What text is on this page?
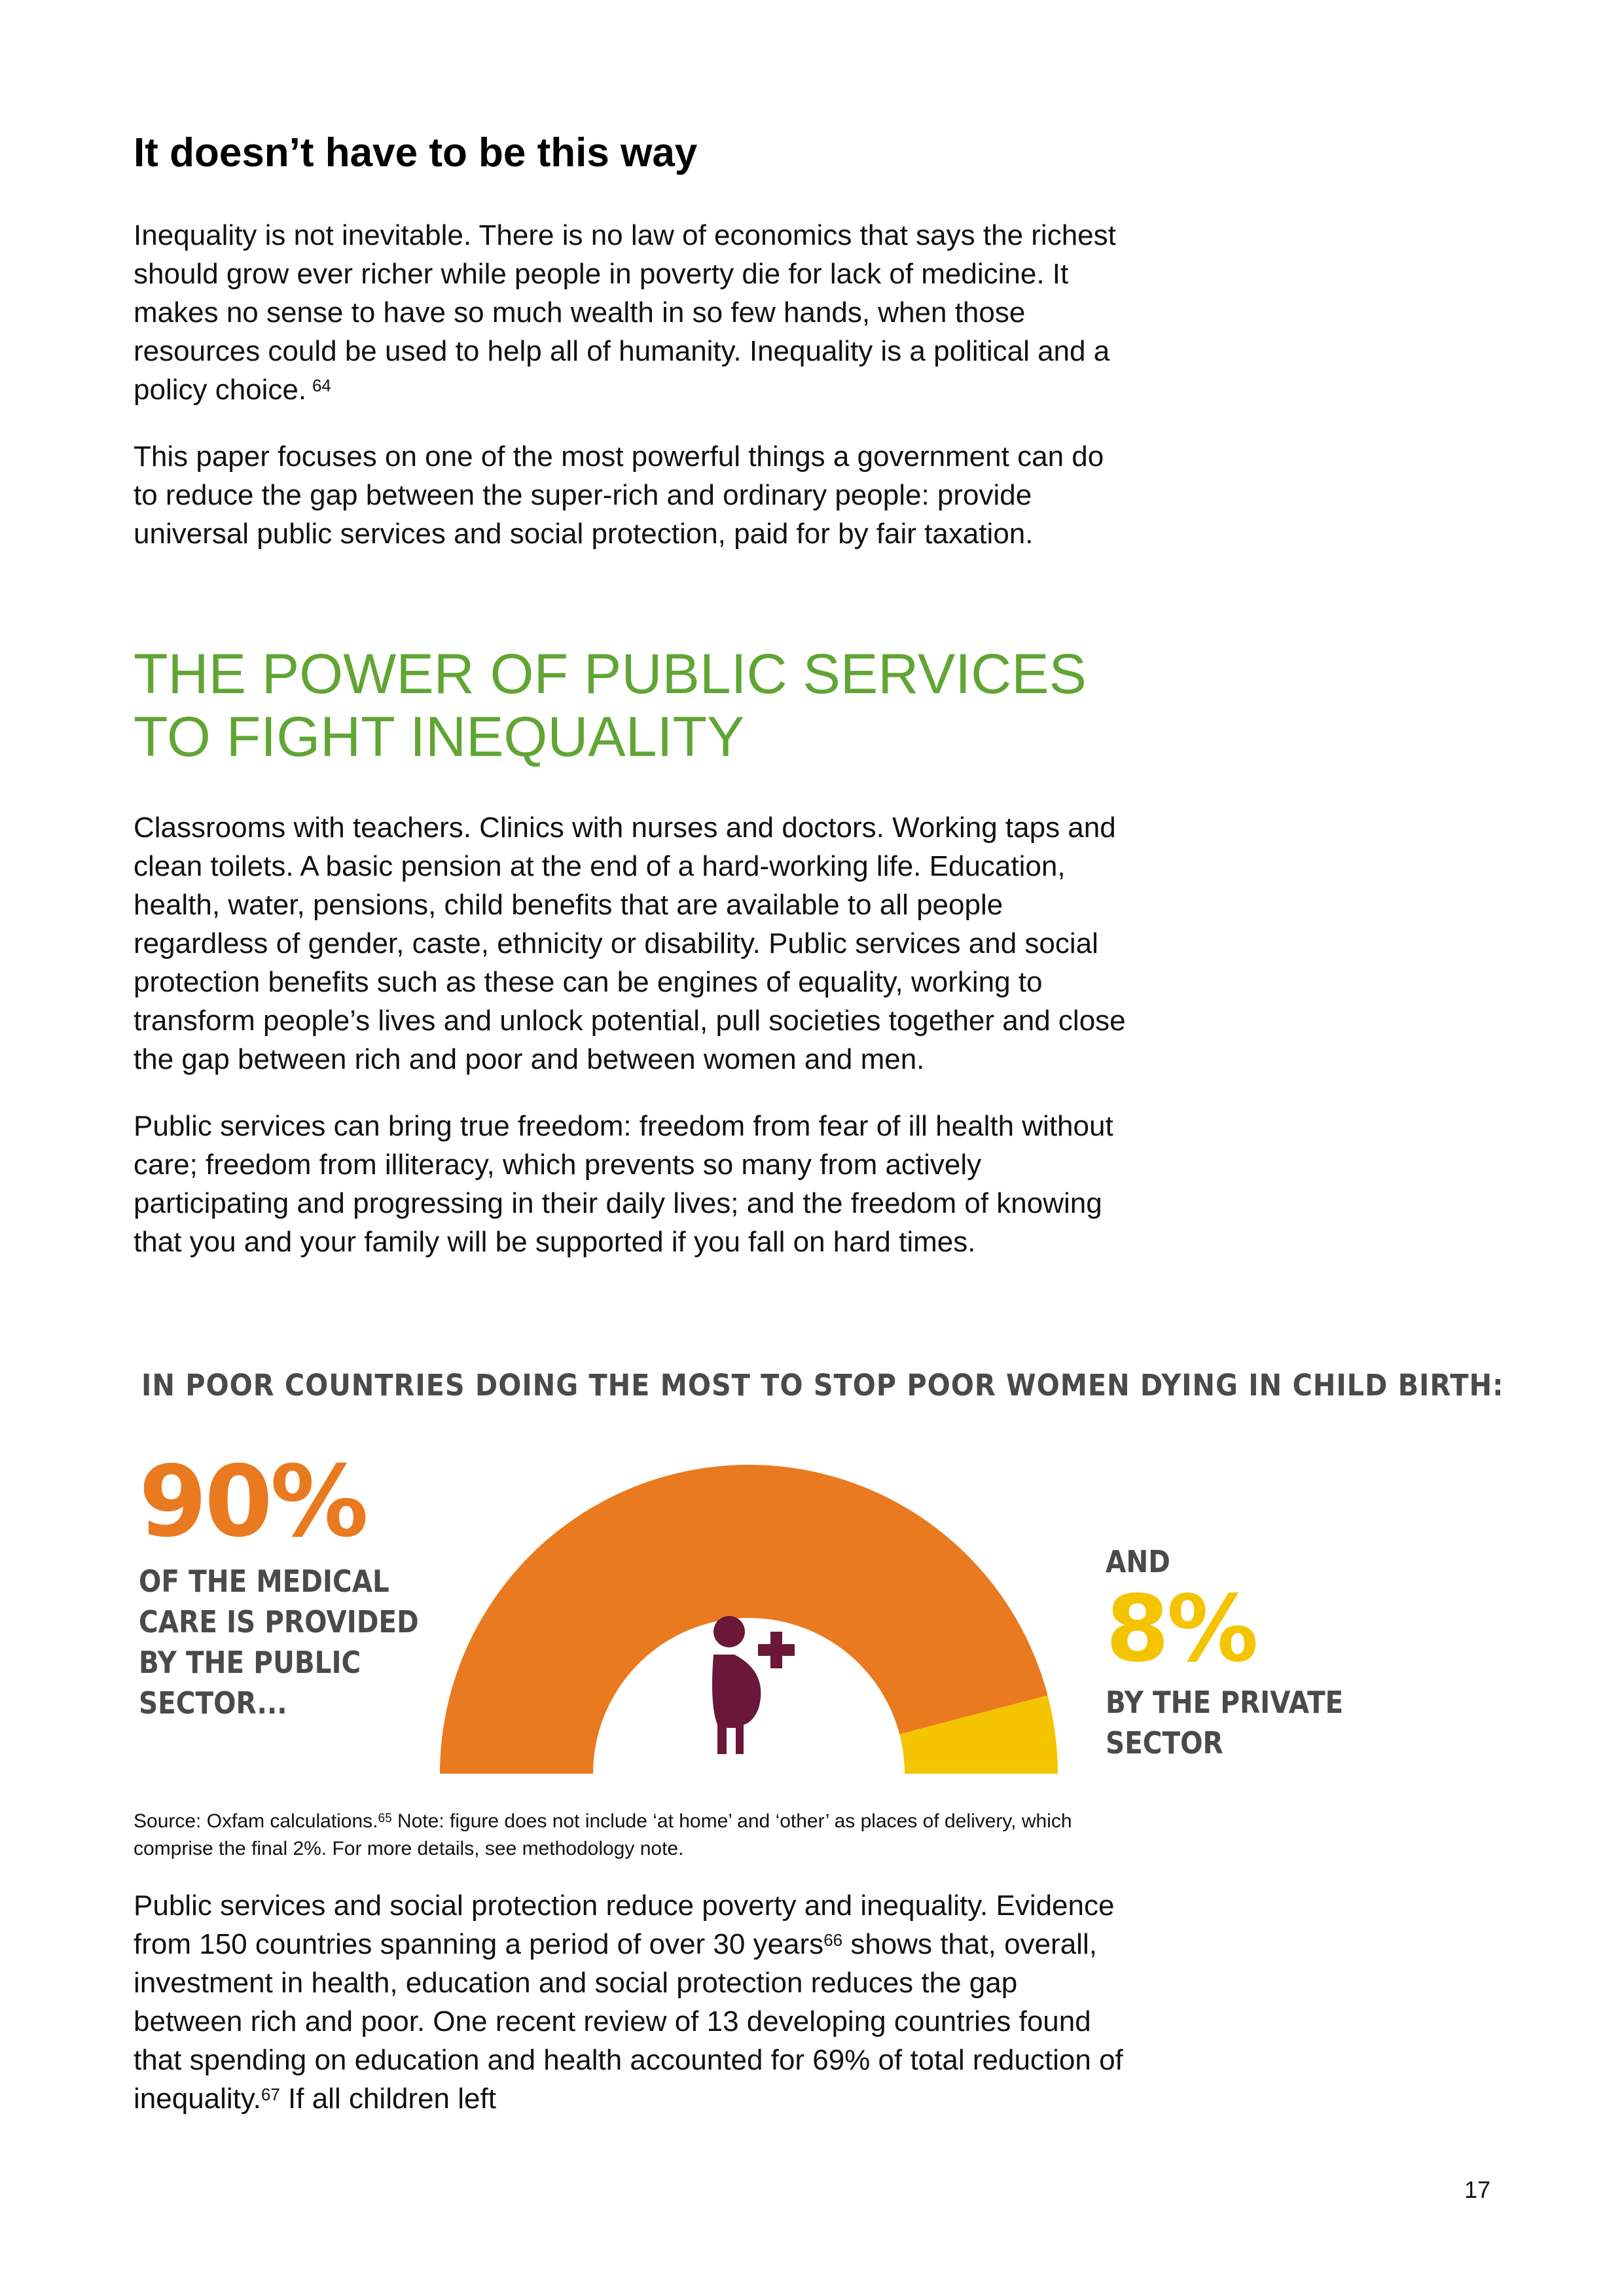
It doesn’t have to be this way

Inequality is not inevitable. There is no law of economics that says the richest should grow ever richer while people in poverty die for lack of medicine. It makes no sense to have so much wealth in so few hands, when those resources could be used to help all of humanity. Inequality is a political and a policy choice.  $^{64}$

This paper focuses on one of the most powerful things a government can do to reduce the gap between the super-rich and ordinary people: provide universal public services and social protection, paid for by fair taxation.

THE POWER OF PUBLIC SERVICES
TO FIGHT INEQUALITY

Classrooms with teachers. Clinics with nurses and doctors. Working taps and clean toilets. A basic pension at the end of a hard-working life. Education, health, water, pensions, child benefits that are available to all people regardless of gender, caste, ethnicity or disability. Public services and social protection benefits such as these can be engines of equality, working to transform people’s lives and unlock potential, pull societies together and close the gap between rich and poor and between women and men.

Public services can bring true freedom: freedom from fear of ill health without care; freedom from illiteracy, which prevents so many from actively participating and progressing in their daily lives; and the freedom of knowing that you and your family will be supported if you fall on hard times.

IN POOR COUNTRIES DOING THE MOST TO STOP POOR WOMEN DYING IN CHILD BIRTH:

90%

OF THE MEDICAL
CARE IS PROVIDED
BY THE PUBLIC
SECTOR...

AND

8%

BY THE PRIVATE
SECTOR

Source: Oxfam calculations.$^{65}$ Note: figure does not include ‘at home’ and ‘other’ as places of delivery, which comprise the final 2%. For more details, see methodology note.

Public services and social protection reduce poverty and inequality. Evidence from 150 countries spanning a period of over 30 years$^{66}$ shows that, overall, investment in health, education and social protection reduces the gap between rich and poor. One recent review of 13 developing countries found that spending on education and health accounted for 69% of total reduction of inequality.$^{67}$ If all children left

17
